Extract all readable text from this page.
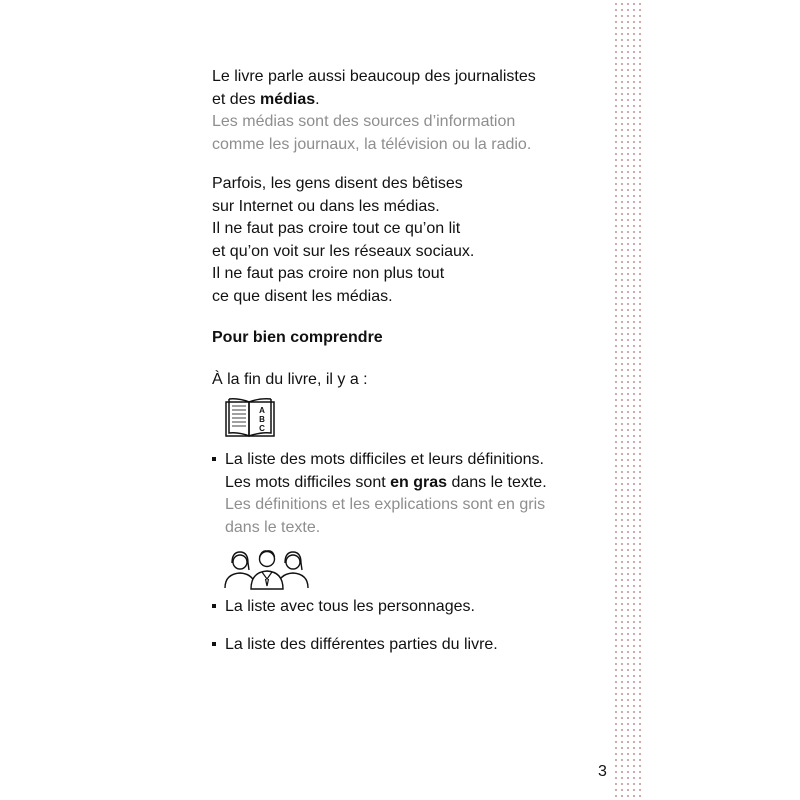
Le livre parle aussi beaucoup des journalistes

et des médias.

Les médias sont des sources d’information

comme les journaux, la télévision ou la radio.

Parfois, les gens disent des bêtises

sur Internet ou dans les médias.

Il ne faut pas croire tout ce qu’on lit

et qu’on voit sur les réseaux sociaux.

Il ne faut pas croire non plus tout

ce que disent les médias.

Pour bien comprendre

À la fin du livre, il y a :

A
B
C

La liste des mots difficiles et leurs définitions.

Les mots difficiles sont en gras dans le texte.

Les définitions et les explications sont en gris

dans le texte.

La liste avec tous les personnages.
La liste des différentes parties du livre.
3
